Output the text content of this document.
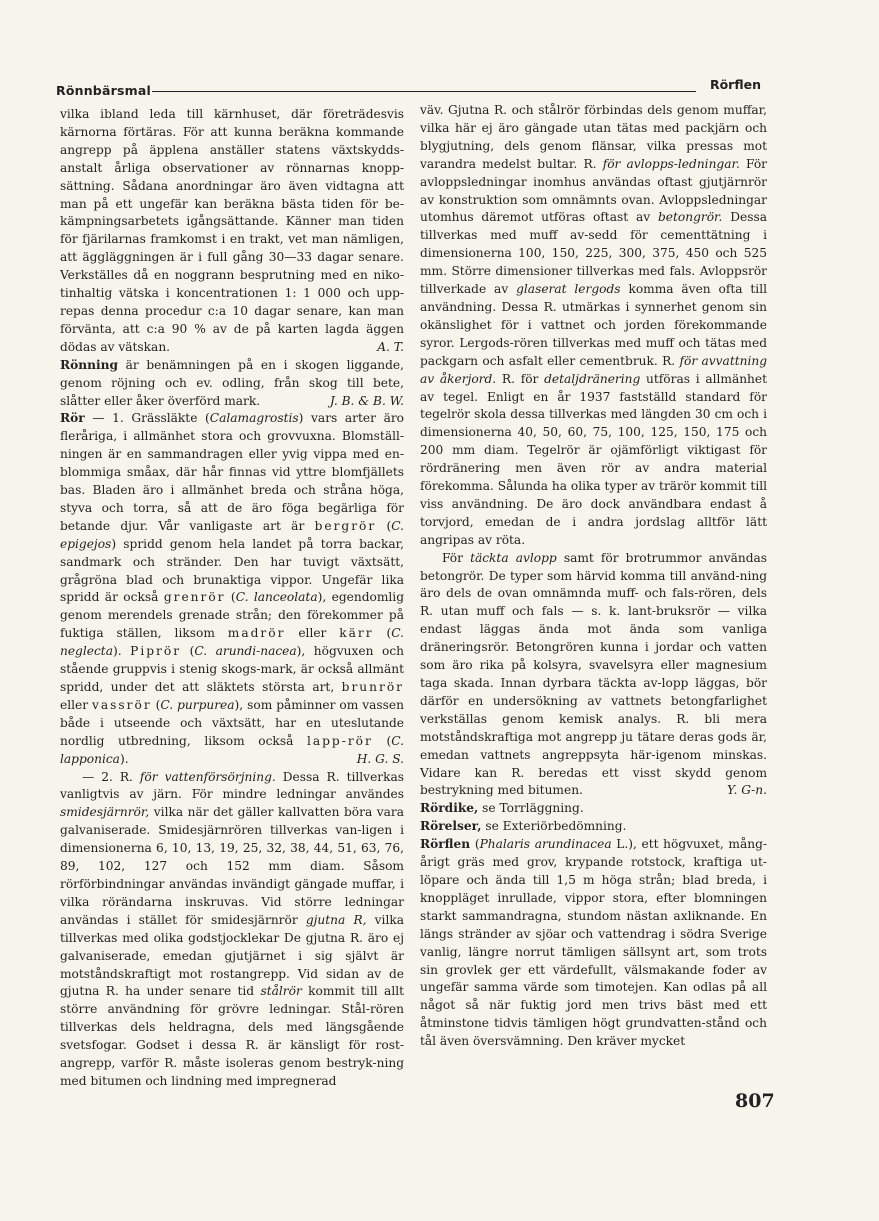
Rönnbärsmal	Rörflen

vilka ibland leda till kärnhuset, där företrädesvis kärnorna förtäras. För att kunna beräkna kommande angrepp på äpplena anställer statens växtskydds-anstalt årliga observationer av rönnarnas knopp-sättning. Sådana anordningar äro även vidtagna att man på ett ungefär kan beräkna bästa tiden för be-kämpningsarbetets igångsättande. Känner man tiden för fjärilarnas framkomst i en trakt, vet man nämligen, att äggläggningen är i full gång 30—33 dagar senare. Verkställes då en noggrann besprutning med en niko-tinhaltig vätska i koncentrationen 1: 1 000 och upp-repas denna procedur c:a 10 dagar senare, kan man förvänta, att c:a 90 % av de på karten lagda äggen dödas av vätskan.	A. T.

Rönning är benämningen på en i skogen liggande, genom röjning och ev. odling, från skog till bete, slåtter eller åker överförd mark.	J. B. & B. W.

Rör — 1. Grässläkte (Calamagrostis) vars arter äro fleråriga, i allmänhet stora och grovvuxna. Blomställ-ningen är en sammandragen eller yvig vippa med en-blommiga småax, där hår finnas vid yttre blomfjällets bas. Bladen äro i allmänhet breda och stråna höga, styva och torra, så att de äro föga begärliga för betande djur. Vår vanligaste art är bergrör (C. epigejos) spridd genom hela landet på torra backar, sandmark och stränder. Den har tuvigt växtsätt, grågröna blad och brunaktiga vippor. Ungefär lika spridd är också grenrör (C. lanceolata), egendomlig genom merendels grenade strån; den förekommer på fuktiga ställen, liksom madrör eller kärr (C. neglecta). Piprör (C. arundi-nacea), högvuxen och stående gruppvis i stenig skogs-mark, är också allmänt spridd, under det att släktets största art, brunrör eller vassrör (C. purpurea), som påminner om vassen både i utseende och växtsätt, har en uteslutande nordlig utbredning, liksom också lapp-rör (C. lapponica).	H. G. S.

— 2. R. för vattenförsörjning. Dessa R. tillverkas vanligtvis av järn. För mindre ledningar användes smidesjärnrör, vilka när det gäller kallvatten böra vara galvaniserade. Smidesjärnrören tillverkas van-ligen i dimensionerna 6, 10, 13, 19, 25, 32, 38, 44, 51, 63, 76, 89, 102, 127 och 152 mm diam. Såsom rörförbindningar användas invändigt gängade muffar, i vilka rörändarna inskruvas. Vid större ledningar användas i stället för smidesjärnrör gjutna R, vilka tillverkas med olika godstjocklekar De gjutna R. äro ej galvaniserade, emedan gjutjärnet i sig självt är motståndskraftigt mot rostangrepp. Vid sidan av de gjutna R. ha under senare tid stålrör kommit till allt större användning för grövre ledningar. Stål-rören tillverkas dels heldragna, dels med längsgående svetsfogar. Godset i dessa R. är känsligt för rost-angrepp, varför R. måste isoleras genom bestryk-ning med bitumen och lindning med impregnerad

väv. Gjutna R. och stålrör förbindas dels genom muffar, vilka här ej äro gängade utan tätas med packjärn och blygjutning, dels genom flänsar, vilka pressas mot varandra medelst bultar. R. för avlopps-ledningar. För avloppsledningar inomhus användas oftast gjutjärnrör av konstruktion som omnämnts ovan. Avloppsledningar utomhus däremot utföras oftast av betongrör. Dessa tillverkas med muff av-sedd för cementtätning i dimensionerna 100, 150, 225, 300, 375, 450 och 525 mm. Större dimensioner tillverkas med fals. Avloppsrör tillverkade av glaserat lergods komma även ofta till användning. Dessa R. utmärkas i synnerhet genom sin okänslighet för i vattnet och jorden förekommande syror. Lergods-rören tillverkas med muff och tätas med packgarn och asfalt eller cementbruk. R. för avvattning av åkerjord. R. för detaljdränering utföras i allmänhet av tegel. Enligt en år 1937 fastställd standard för tegelrör skola dessa tillverkas med längden 30 cm och i dimensionerna 40, 50, 60, 75, 100, 125, 150, 175 och 200 mm diam. Tegelrör är ojämförligt viktigast för rördränering men även rör av andra material förekomma. Sålunda ha olika typer av trärör kommit till viss användning. De äro dock användbara endast å torvjord, emedan de i andra jordslag alltför lätt angripas av röta.

För täckta avlopp samt för brotrummor användas betongrör. De typer som härvid komma till använd-ning äro dels de ovan omnämnda muff- och fals-rören, dels R. utan muff och fals — s. k. lant-bruksrör — vilka endast läggas ända mot ända som vanliga dräneringsrör. Betongrören kunna i jordar och vatten som äro rika på kolsyra, svavelsyra eller magnesium taga skada. Innan dyrbara täckta av-lopp läggas, bör därför en undersökning av vattnets betongfarlighet verkställas genom kemisk analys. R. bli mera motståndskraftiga mot angrepp ju tätare deras gods är, emedan vattnets angreppsyta här-igenom minskas. Vidare kan R. beredas ett visst skydd genom bestrykning med bitumen.	Y. G-n.

Rördike, se Torrläggning.

Rörelser, se Exteriörbedömning.

Rörflen (Phalaris arundinacea L.), ett högvuxet, mång-årigt gräs med grov, krypande rotstock, kraftiga ut-löpare och ända till 1,5 m höga strån; blad breda, i knoppläget inrullade, vippor stora, efter blomningen starkt sammandragna, stundom nästan axliknande. En längs stränder av sjöar och vattendrag i södra Sverige vanlig, längre norrut tämligen sällsynt art, som trots sin grovlek ger ett värdefullt, välsmakande foder av ungefär samma värde som timotejen. Kan odlas på all något så när fuktig jord men trivs bäst med ett åtminstone tidvis tämligen högt grundvatten-stånd och tål även översvämning. Den kräver mycket

807
